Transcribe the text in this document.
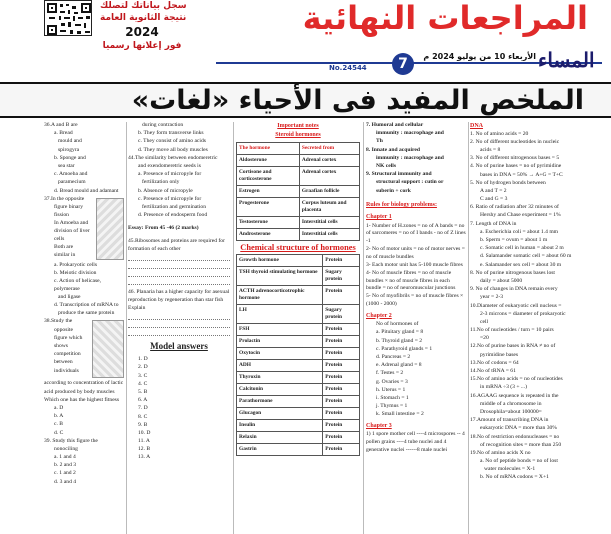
سجل بياناتك لتصلك
نتيجة الثانوية العامة
2024
فور إعلانها رسميا
المراجعات النهائية
No.24544	7	الأربعاء 10 من يوليو 2024 م المساء
الملخص المفيد فى الأحياء «لغات»

36.A and B are

a. Bread

mould and

spirogyra

b. Sponge and

sea star

c. Amoeba and

paramecium

d. Bread mould and adamant

37.In the opposite

figure binary

fission

In Amoeba and

division of liver cells

Both are similar in

a. Prokaryotic cells

b. Meiotic division

c. Action of helicase, polymerase

and ligase

d. Transcription of mRNA to

produce the same protein

38.Study the

opposite

figure which

shows

competition

between

individuals

according to concentration of lactic

acid produced by body muscles

Which one has the highest fitness

a. D

b. A

c. B

d. C

39. Study this figure the

nonociling

a. 1 and 4

b. 2 and 3

c. 1 and 2

d. 3 and 4

during contraction

b. They form transverse links

c. They consist of amino acids

d. They move all body muscles

44.The similarity between endomeretric

and exendomeretric seeds is

a. Presence of micropyle for

fertilization only

b. Absence of micropyle

c. Presence of micropyle for

fertilization and germination

d. Presence of endosperm food

Essay: From 45 -46 (2 marks)

45.Ribosomes and proteins are required for formation of each other

46. Planaria has a higher capacity for asexual reproduction by regeneration than star fish Explain

Model answers

1. D

2. D

3. C

4. C

5. B

6. A

7. D

8. C

9. B

10. D

11. A

12. B

13. A

Important notes
Steroid hormones
The hormone	Secreted from
Aldosterone	Adrenal cortex
Cortisone and corticosterone	Adrenal cortex
Estrogen	Graafian follicle
Progesterone	Corpus luteum and placenta
Testosterone	Interstitial cells
Androsterone	Interstitial cells
Chemical structure of hormones
Growth hormone	Protein
TSH thyroid stimulating hormone	Sugary protein
ACTH adrenocorticotrophic hormone	Protein
LH	Sugary protein
FSH	Protein
Prolactin	Protein
Oxytocin	Protein
ADH	Protein
Thyroxin	Protein
Calcitonin	Protein
Parathormone	Protein
Glucagon	Protein
Insulin	Protein
Relaxin	Protein
Gastrin	Protein

7. Humoral and cellular

immunity : macrophage and

Th

8. Innate and acquired

immunity : macrophage and

NK cells

9. Structural immunity and

structural support : cutin or

suberin + cork

Rules for biology problems:

Chapter 1

1- Number of H.zones = no of A bands = no of sarcomeres = no of I bands - no of Z lines -1

2- No of motor units = no of motor nerves = no of muscle bundles

3- Each motor unit has 5-100 muscle fibres

4- No of muscle fibres = no of muscle bundles × no of muscle fibres in each bundle = no of neuromuscular junctions

5- No of myofibrils = no of muscle fibres × (1000 - 2000)

Chapter 2

No of hormones of

a. Pituitary gland = 8

b. Thyroid gland = 2

c. Parathyroid glands = 1

d. Pancreas = 2

e. Adrenal gland = 8

f. Testes = 2

g. Ovaries = 3

h. Uterus = 1

i. Stomach = 1

j. Thymus = 1

k. Small intestine = 2

Chapter 3

1) 1 spore mother cell ----4 microspores -- 4 pollen grains ----4 tube nuclei and 4 generative nuclei ------8 male nuclei

DNA

1. No of amino acids = 20

2. No of different nucleotides in nucleic

acids = 8

3. No of different nitrogenous bases = 5

4. No of purine bases = no of pyrimidine

bases in DNA = 50% → A+G = T+C

5. No of hydrogen bonds between

A and T = 2

C and G = 3

6. Ratio of radiation after 32 minutes of

Hershy and Chase experiment = 1%

7. Length of DNA in

a. Escherichia coli = about 1.4 mm

b. Sperm = ovum = about 1 m

c. Somatic cell in human = about 2 m

d. Salamander somatic cell = about 60 m

e. Salamander sex cell = about 30 m

8. No of purine nitrogenous bases lost

daily = about 5000

9. No of changes in DNA remain every

year = 2-3

10.Diameter of eukaryotic cell nucleus =

2-3 microns = diameter of prokaryotic

cell

11.No of nucleotides / turn = 10 pairs

=20

12.No of purine bases in RNA ≠ no of

pyrimidine bases

13.No of codons = 64

14.No of tRNA = 61

15.No of amino acids = no of nucleotides

in mRNA ÷3 (3 + ...)

16.AGAAG sequence is repeated in the

middle of a chromosome in

Drosophila=about 100000=

17.Amount of transcribing DNA in

eukaryotic DNA = more than 30%

18.No of restriction endonucleases = no

of recognition sites = more than 250

19.No of amino acids X no

a. No of peptide bonds = no of lost

water molecules = X-1

b. No of mRNA codons = X+1
